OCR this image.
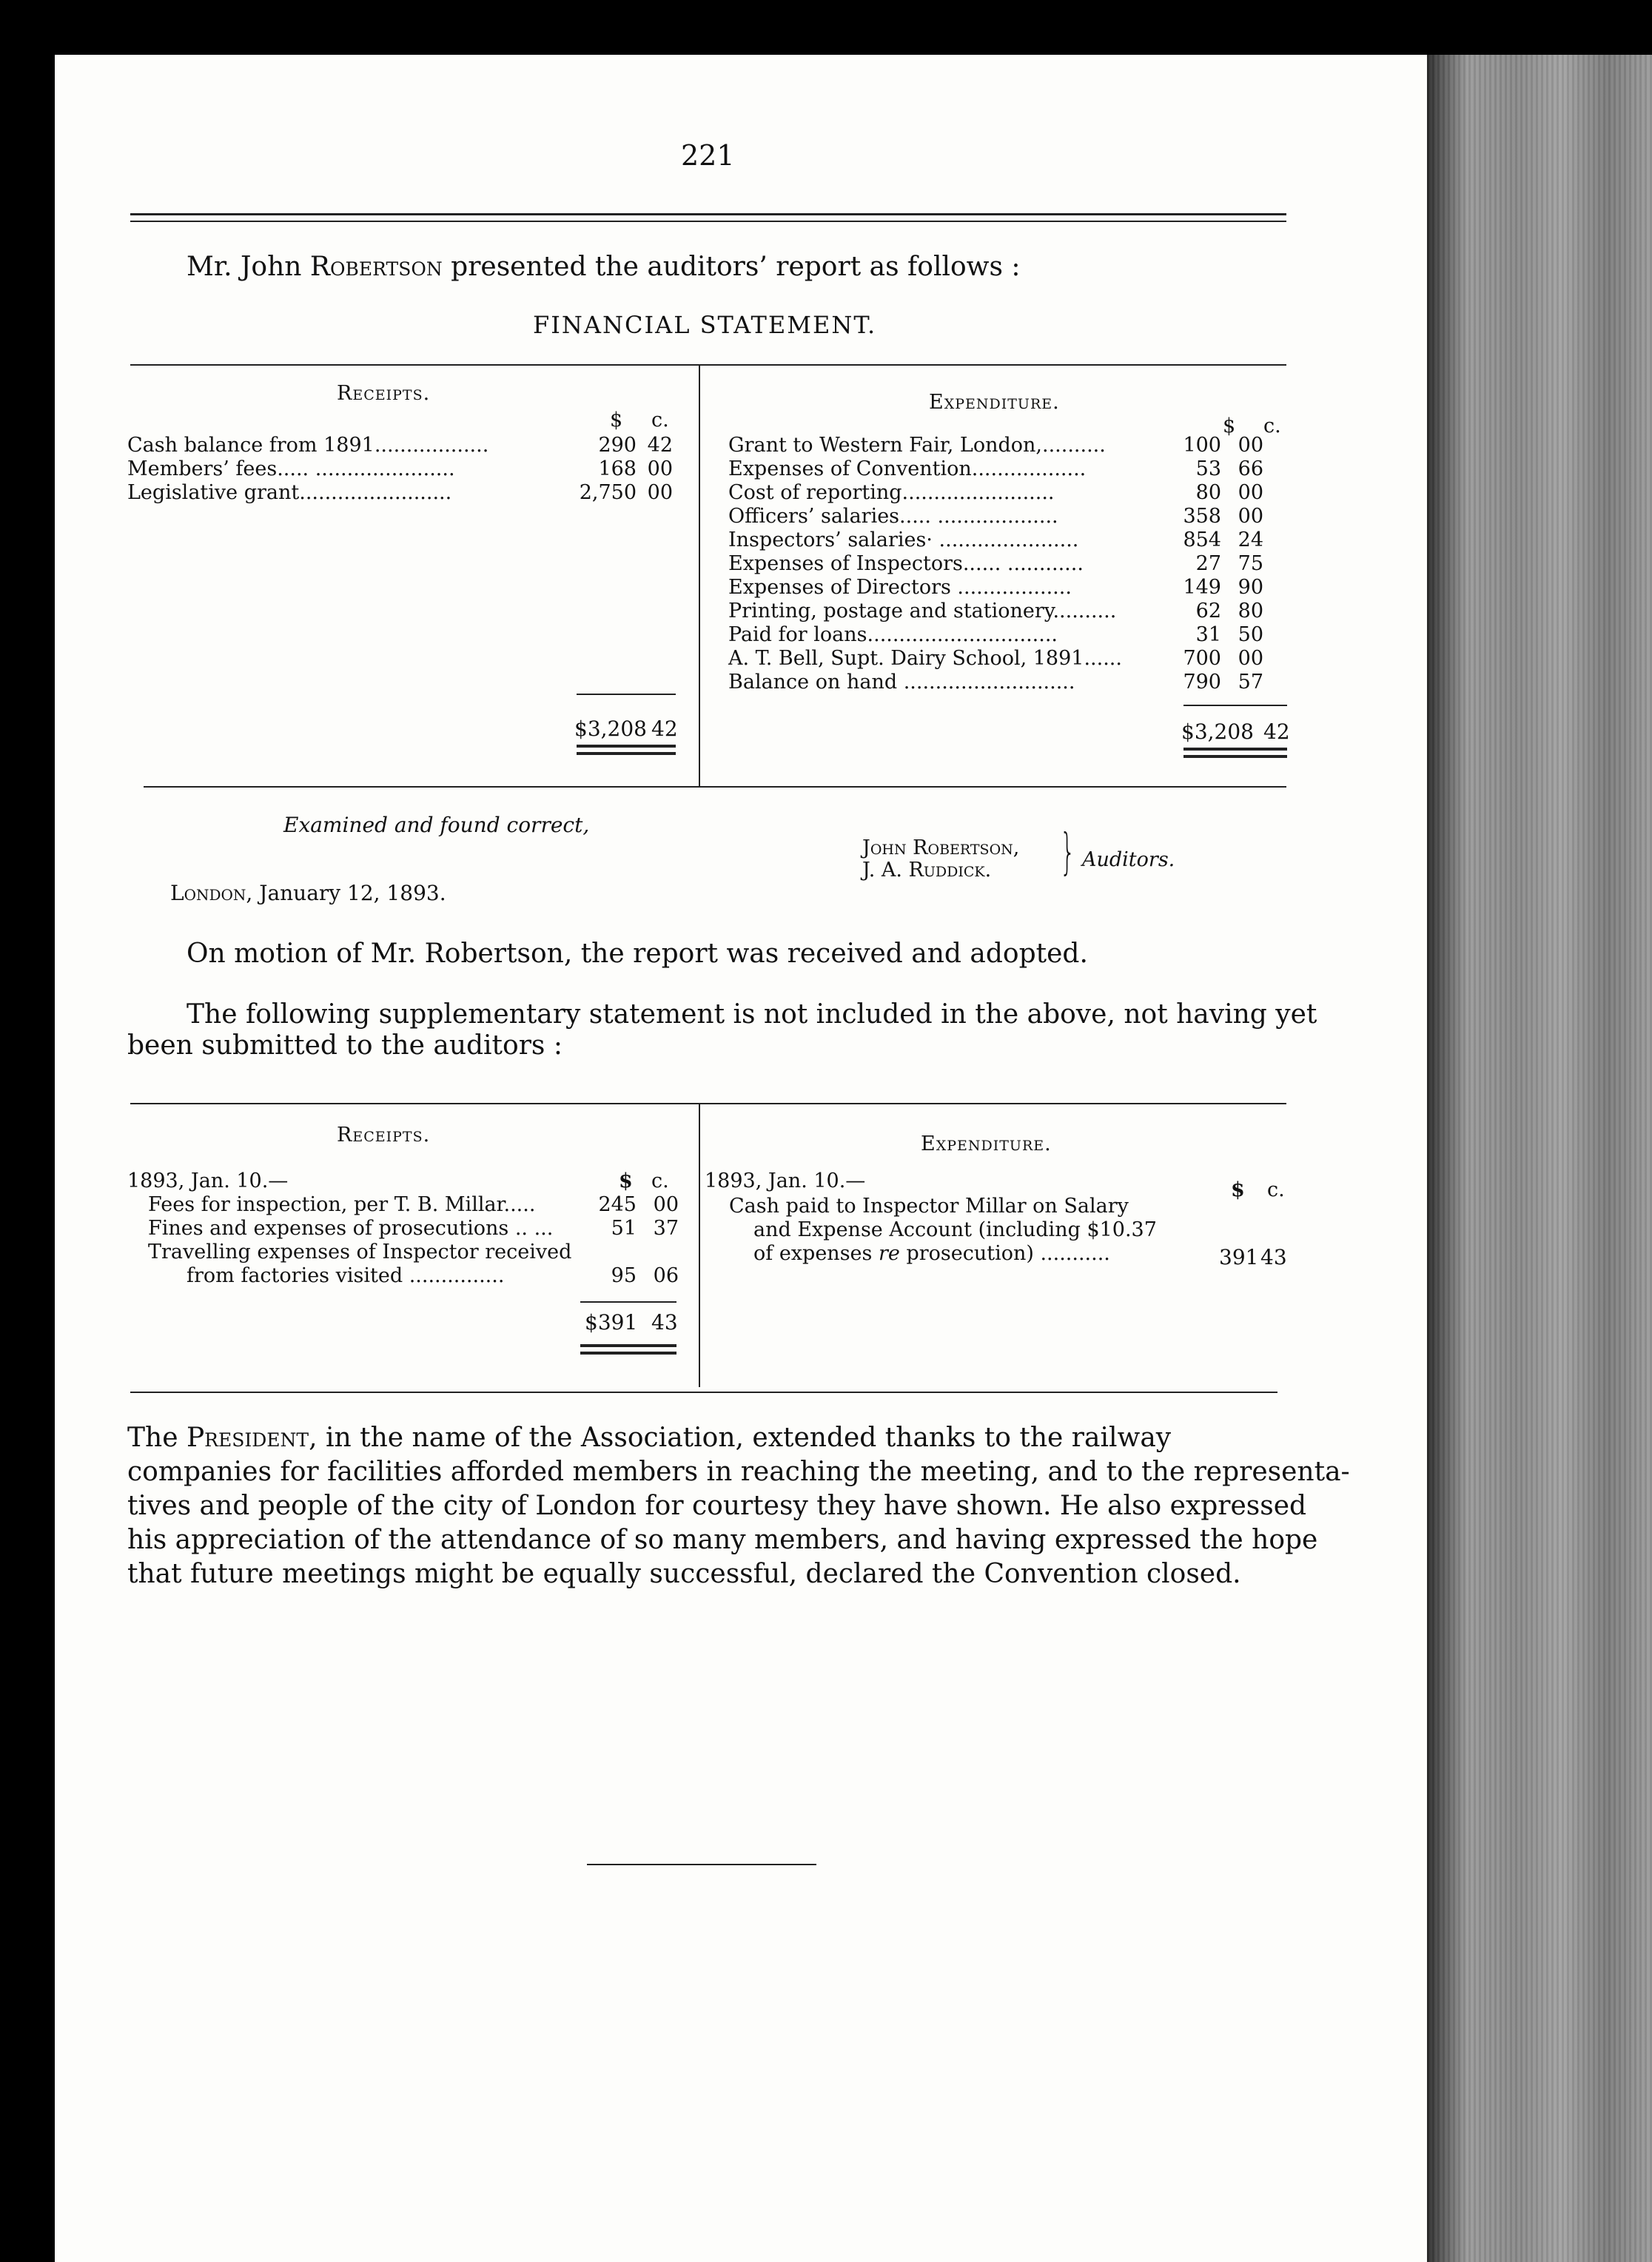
221
Mr. John Robertson presented the auditors’ report as follows :
FINANCIAL STATEMENT.
Receipts.
$ c.
Cash balance from 1891..................	290 42
Members’ fees..... ......................	168 00
Legislative grant........................	2,750 00
$3,208 42
Expenditure.
$ c.
Grant to Western Fair, London,..........	100 00
Expenses of Convention..................	53 66
Cost of reporting........................	80 00
Officers’ salaries..... ...................	358 00
Inspectors’ salaries· ......................	854 24
Expenses of Inspectors...... ............	27 75
Expenses of Directors ..................	149 90
Printing, postage and stationery..........	62 80
Paid for loans..............................	31 50
A. T. Bell, Supt. Dairy School, 1891......	700 00
Balance on hand ...........................	790 57
$3,208 42
Examined and found correct,
London, January 12, 1893.
John Robertson,
J. A. Ruddick. } Auditors.
On motion of Mr. Robertson, the report was received and adopted.
The following supplementary statement is not included in the above, not having yet
been submitted to the auditors :
Receipts.
1893, Jan. 10.—	$ c.
Fees for inspection, per T. B. Millar.....	245 00
Fines and expenses of prosecutions .. ...	51 37
Travelling expenses of Inspector received
from factories visited ...............	95 06
$391 43
Expenditure.
1893, Jan. 10.—	$ c.
Cash paid to Inspector Millar on Salary
and Expense Account (including $10.37
of expenses re prosecution) ...........	391 43
The President, in the name of the Association, extended thanks to the railway
companies for facilities afforded members in reaching the meeting, and to the representa-
tives and people of the city of London for courtesy they have shown. He also expressed
his appreciation of the attendance of so many members, and having expressed the hope
that future meetings might be equally successful, declared the Convention closed.
